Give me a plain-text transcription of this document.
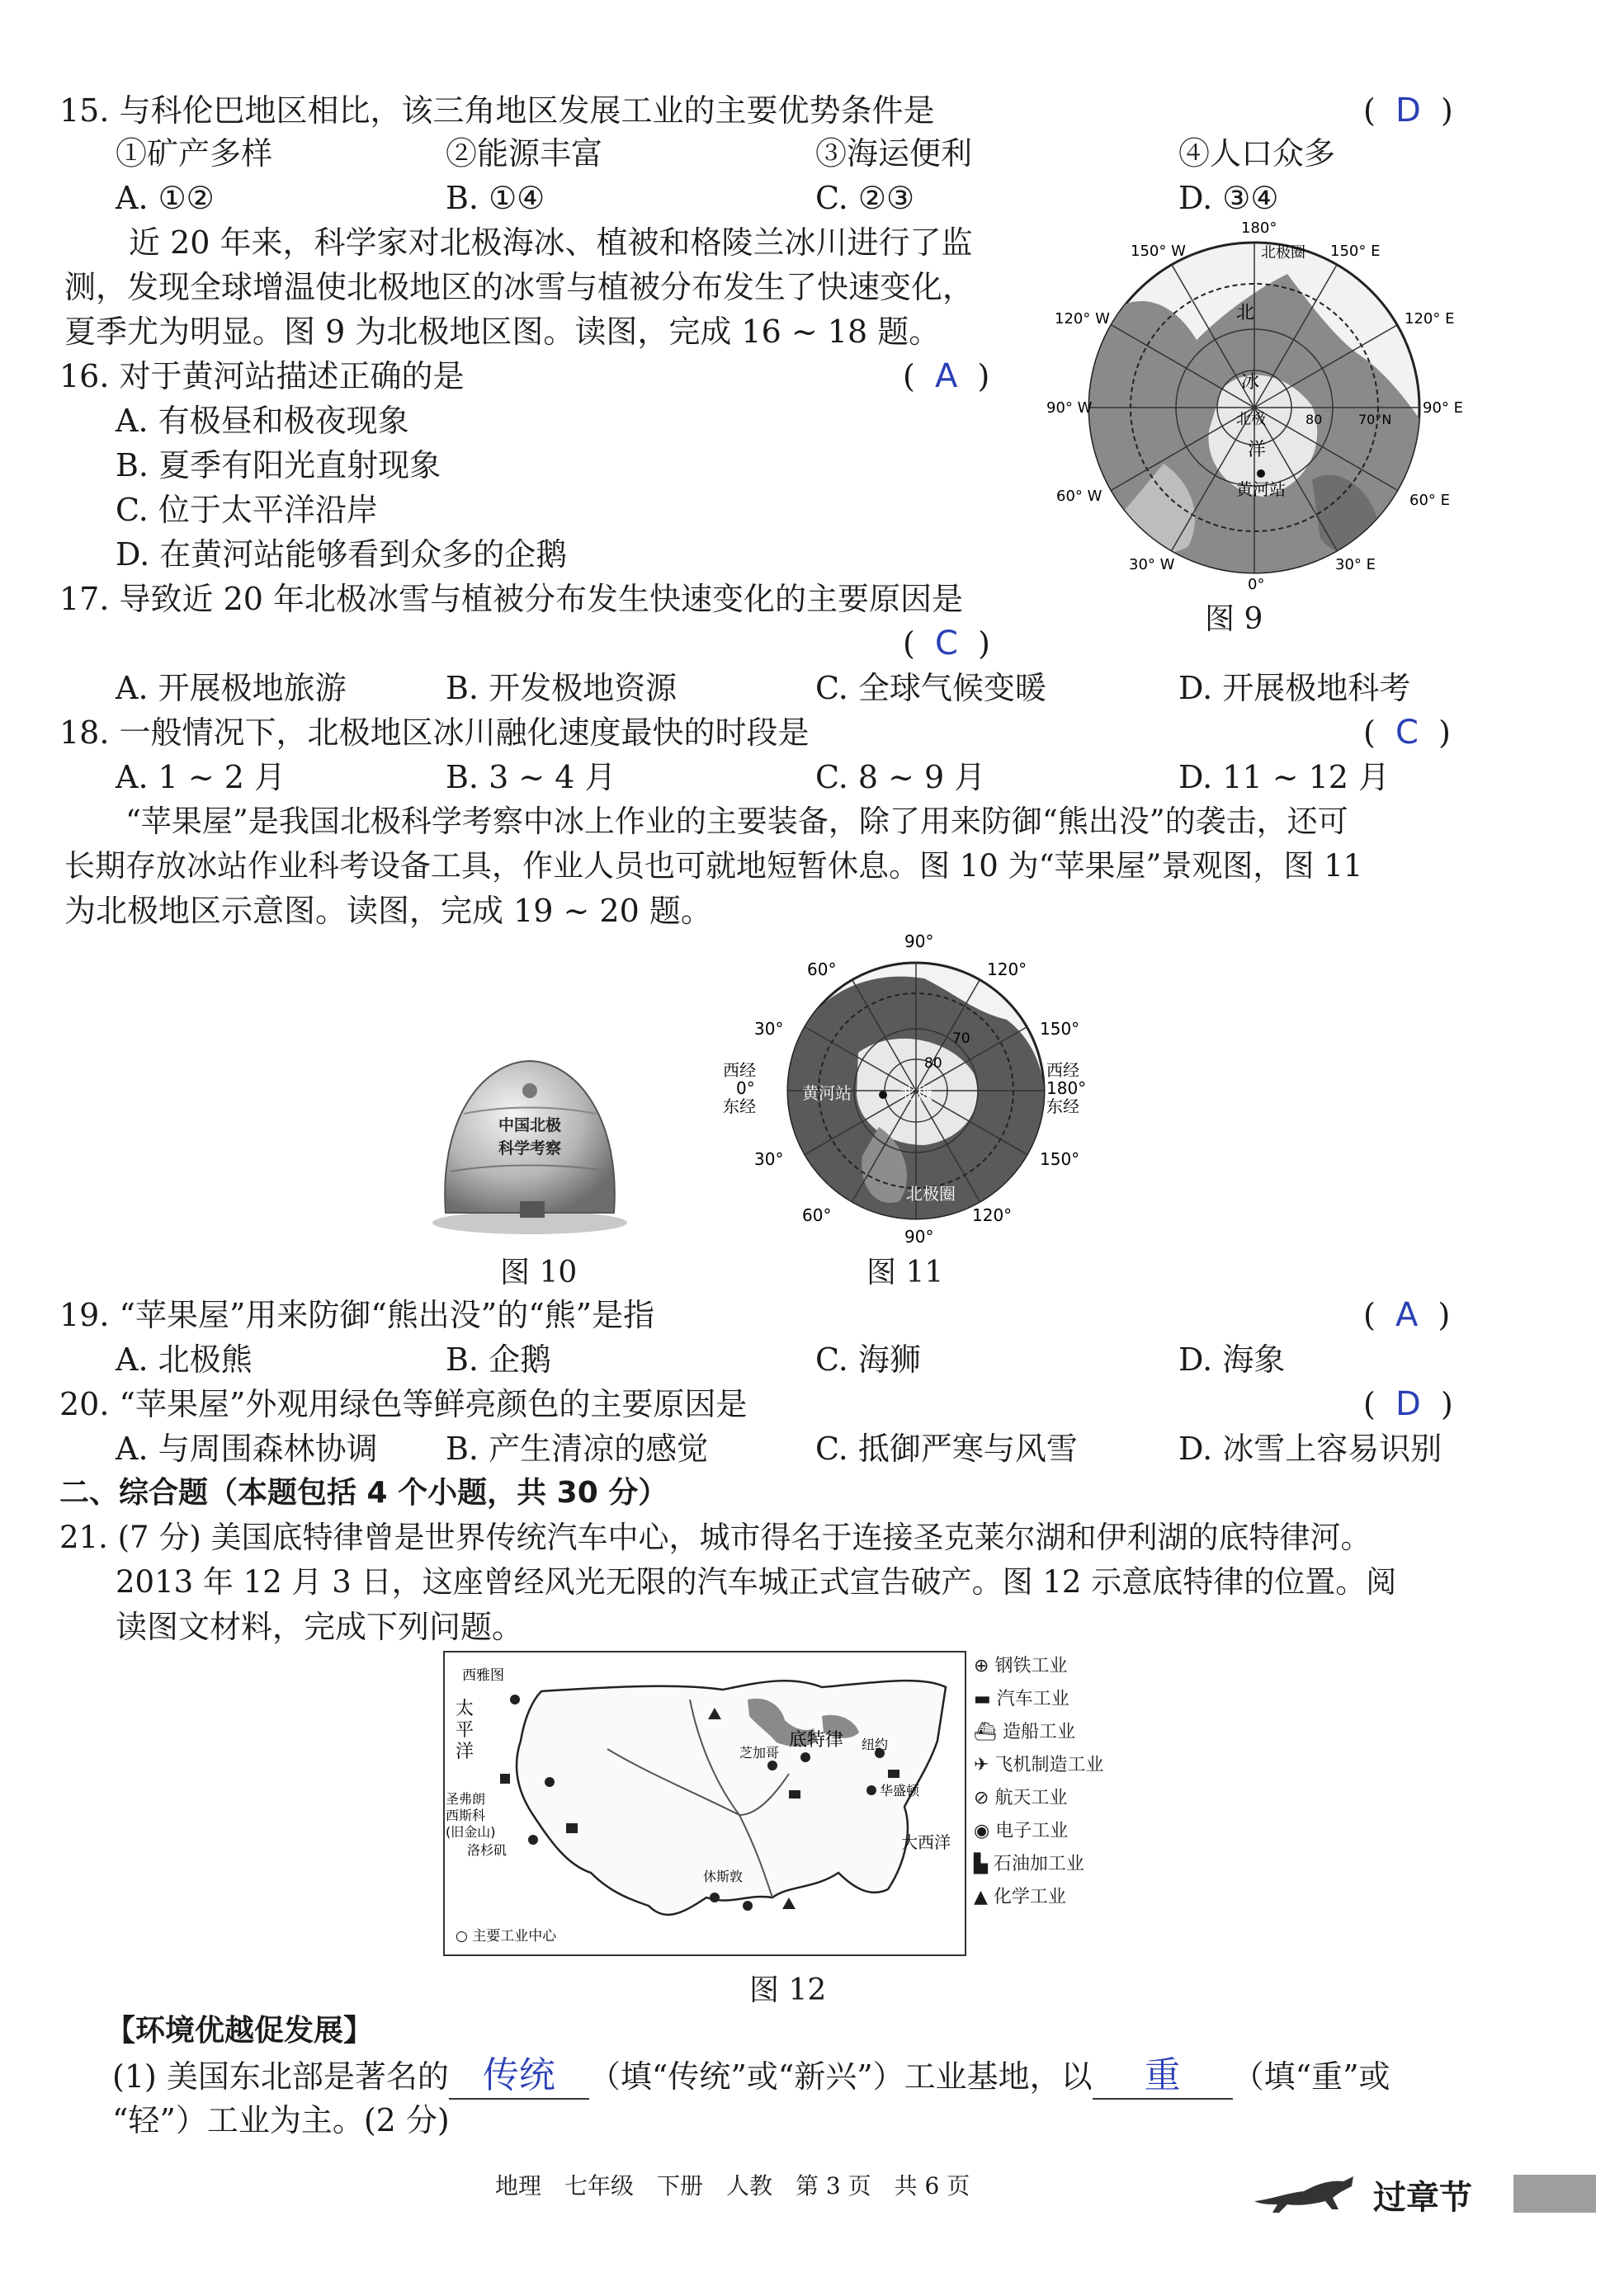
15. 与科伦巴地区相比，该三角地区发展工业的主要优势条件是	(  D  )
①矿产多样	②能源丰富	③海运便利	④人口众多
A. ①②	B. ①④	C. ②③	D. ③④
近 20 年来，科学家对北极海冰、植被和格陵兰冰川进行了监
测，发现全球增温使北极地区的冰雪与植被分布发生了快速变化，
夏季尤为明显。图 9 为北极地区图。读图，完成 16 ~ 18 题。
16. 对于黄河站描述正确的是	(  A  )
A. 有极昼和极夜现象
B. 夏季有阳光直射现象
C. 位于太平洋沿岸
D. 在黄河站能够看到众多的企鹅
180°
150° W	150° E
120° W	120° E
90° W	90° E
60° W	60° E
30° W	30° E
0°
北极圈
北
冰
洋
北极	80	70°N
黄河站
图 9
17. 导致近 20 年北极冰雪与植被分布发生快速变化的主要原因是
(  C  )
A. 开展极地旅游	B. 开发极地资源	C. 全球气候变暖	D. 开展极地科考
18. 一般情况下，北极地区冰川融化速度最快的时段是	(  C  )
A. 1 ~ 2 月	B. 3 ~ 4 月	C. 8 ~ 9 月	D. 11 ~ 12 月
“苹果屋”是我国北极科学考察中冰上作业的主要装备，除了用来防御“熊出没”的袭击，还可
长期存放冰站作业科考设备工具，作业人员也可就地短暂休息。图 10 为“苹果屋”景观图，图 11
为北极地区示意图。读图，完成 19 ~ 20 题。
中国北极
科学考察
图 10
90°
60°	120°
30°	150°
西经
0°
东经
西经
180°
东经
30°	150°
60°	120°
90°
70
80
黄河站	北极
北极圈
图 11
19. “苹果屋”用来防御“熊出没”的“熊”是指	(  A  )
A. 北极熊	B. 企鹅	C. 海狮	D. 海象
20. “苹果屋”外观用绿色等鲜亮颜色的主要原因是	(  D  )
A. 与周围森林协调 B. 产生清凉的感觉	C. 抵御严寒与风雪	D. 冰雪上容易识别
二、综合题（本题包括 4 个小题，共 30 分）
21. (7 分) 美国底特律曾是世界传统汽车中心，城市得名于连接圣克莱尔湖和伊利湖的底特律河。
2013 年 12 月 3 日，这座曾经风光无限的汽车城正式宣告破产。图 12 示意底特律的位置。阅
读图文材料，完成下列问题。
西雅图
太
平
洋	芝加哥
底特律 纽约
华盛顿
圣弗朗
西斯科
(旧金山)
洛杉矶
休斯敦
大西洋
○ 主要工业中心
⊕ 钢铁工业
▬ 汽车工业
⛴ 造船工业
✈ 飞机制造工业
⊘ 航天工业
◉ 电子工业
▙ 石油加工业
▲ 化学工业
图 12
【环境优越促发展】
(1) 美国东北部是著名的 传统 （填“传统”或“新兴”）工业基地，以 重 （填“重”或
“轻”）工业为主。(2 分)
地理　七年级　下册　人教　第 3 页　共 6 页	过章节
